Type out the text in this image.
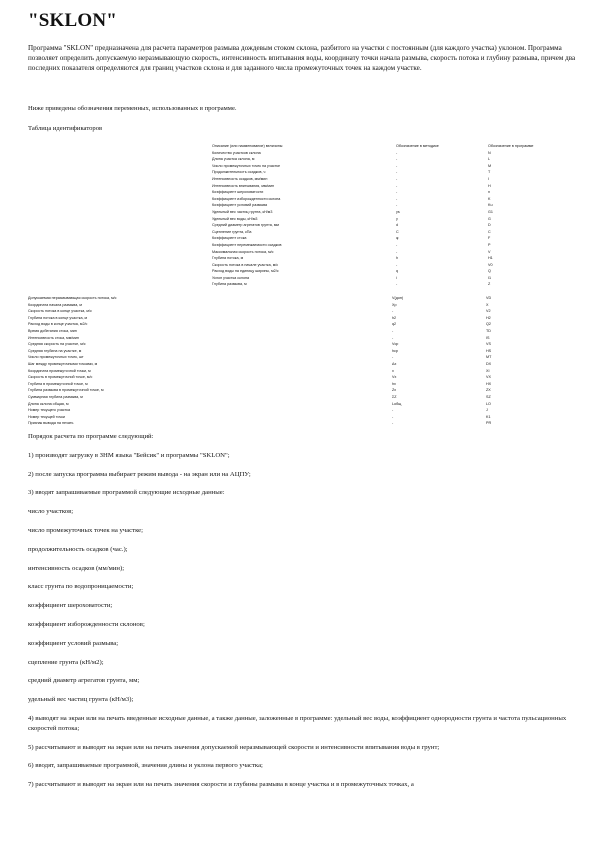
"SKLON"

Программа "SKLON" предназначена для расчета параметров размыва дождевым стоком склона, разбитого на участки с постоянным (для каждого участка) уклоном. Программа позволяет определить допускаемую неразмывающую скорость, интенсивность впитывания воды, координату точки начала размыва, скорость потока и глубину размыва, причем два последних показателя определяются для границ участков склона и для заданного числа промежуточных точек на каждом участке.

Ниже приведены обозначения переменных, использованных в программе.

Таблица идентификаторов

Описание (или наименование) величины	Обозначение в методике	Обозначение в программе
Количество участков склона	-	N
Длина участка склона, м	-	L
Число промежуточных точек на участке	-	M
Продолжительность осадков, ч	-	T
Интенсивность осадков, мм/мин	-	I
Интенсивность впитывания, мм/мин	-	H
Коэффициент шероховатости	-	n
Коэффициент изборожденности склона	-	K
Коэффициент условий размыва	-	Ku
Удельный вес частиц грунта, кН/м3	γs	G1
Удельный вес воды, кН/м3	γ	G
Средний диаметр агрегатов грунта, мм	d	D
Сцепление грунта, кПа	C	C
Коэффициент стока	φ	F
Коэффициент перемежаемости осадков	-	P
Максимальная скорость потока, м/с	-	V
Глубина потока, м	h	H1
Скорость потока в начале участка, м/с	-	V0
Расход воды на единицу ширины, м2/с	q	Q
Уклон участка склона	i	I1
Глубина размыва, м	-	Z
Допускаемая неразмывающая скорость потока, м/с	V(доп)	VD
Координата начала размыва, м	Xр	X
Скорость потока в конце участка, м/с	-	V2
Глубина потока в конце участка, м	h2	H2
Расход воды в конце участка, м2/с	q2	Q2
Время добегания стока, мин	-	TD
Интенсивность стока, мм/мин	-	IS
Средняя скорость на участке, м/с	Vср	VS
Средняя глубина на участке, м	hср	HS
Число промежуточных точек, шт	-	MT
Шаг между промежуточными точками, м	Δx	DX
Координата промежуточной точки, м	x	XI
Скорость в промежуточной точке, м/с	Vx	VX
Глубина в промежуточной точке, м	hx	HX
Глубина размыва в промежуточной точке, м	Zx	ZX
Суммарная глубина размыва, м	ΣZ	SZ
Длина склона общая, м	Lобщ	LO
Номер текущего участка	-	J
Номер текущей точки	-	K1
Признак вывода на печать	-	PR

Порядок расчета по программе следующий:

1) производят загрузку в ЗНМ языка "Бейсик" и программы "SKLON";

2) после запуска программа выбирает режим вывода - на экран или на АЦПУ;

3) вводят запрашиваемые программой следующие исходные данные:

число участков;

число промежуточных точек на участке;

продолжительность осадков (час.);

интенсивность осадков (мм/мин);

класс грунта по водопроницаемости;

коэффициент шероховатости;

коэффициент изборожденности склонов;

коэффициент условий размыва;

сцепление грунта (кН/м2);

средний диаметр агрегатов грунта, мм;

удельный вес частиц грунта (кН/м3);

4) выводят на экран или на печать введенные исходные данные, а также данные, заложенные в программе: удельный вес воды, коэффициент однородности грунта и частота пульсационных скоростей потока;

5) рассчитывают и выводят на экран или на печать значения допускаемой неразмывающей скорости и интенсивности впитывания воды в грунт;

6) вводят, запрашиваемые программой, значения длины и уклона первого участка;

7) рассчитывают и выводят на экран или на печать значения скорости и глубины размыва в конце участка и в промежуточных точках, а
